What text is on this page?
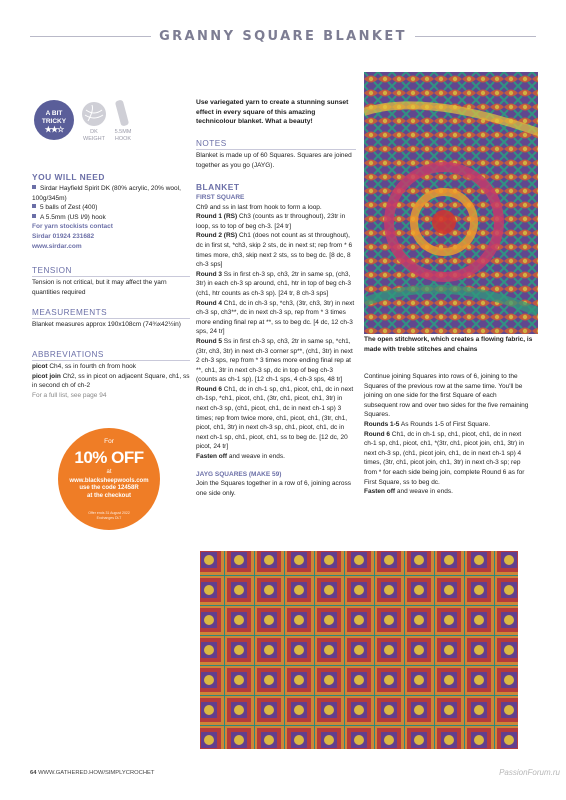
GRANNY SQUARE BLANKET
A BIT
TRICKY
★★☆	DK
WEIGHT
5.5MM
HOOK
YOU WILL NEED
Sirdar Hayfield Spirit DK (80% acrylic, 20% wool, 100g/345m)
5 balls of Zest (400)
A 5.5mm (US I/9) hook
For yarn stockists contact
Sirdar 01924 231682
www.sirdar.com
TENSION
Tension is not critical, but it may affect the yarn quantities required
MEASUREMENTS
Blanket measures approx 190x108cm (74¾x42½in)
ABBREVIATIONS
picot Ch4, ss in fourth ch from hook
picot join Ch2, ss in picot on adjacent Square, ch1, ss in second ch of ch-2
For a full list, see page 94
For
10% OFF
at
www.blacksheepwools.com
use the code 12458R
at the checkout
Offer ends 31 August 2022
Exchanges DLT
Use variegated yarn to create a stunning sunset effect in every square of this amazing technicolour blanket. What a beauty!
NOTES
Blanket is made up of 60 Squares. Squares are joined together as you go (JAYG).
BLANKET
FIRST SQUARE
Ch9 and ss in last from hook to form a loop.
Round 1 (RS) Ch3 (counts as tr throughout), 23tr in loop, ss to top of beg ch-3. [24 tr]
Round 2 (RS) Ch1 (does not count as st throughout), dc in first st, *ch3, skip 2 sts, dc in next st; rep from * 6 times more, ch3, skip next 2 sts, ss to beg dc. [8 dc, 8 ch-3 sps]
Round 3 Ss in first ch-3 sp, ch3, 2tr in same sp, (ch3, 3tr) in each ch-3 sp around, ch1, htr in top of beg ch-3 (ch1, htr counts as ch-3 sp). [24 tr, 8 ch-3 sps]
Round 4 Ch1, dc in ch-3 sp, *ch3, (3tr, ch3, 3tr) in next ch-3 sp, ch3**, dc in next ch-3 sp, rep from * 3 times more ending final rep at **, ss to beg dc. [4 dc, 12 ch-3 sps, 24 tr]
Round 5 Ss in first ch-3 sp, ch3, 2tr in same sp, *ch1, (3tr, ch3, 3tr) in next ch-3 corner sp**, (ch1, 3tr) in next 2 ch-3 sps, rep from * 3 times more ending final rep at **, ch1, 3tr in next ch-3 sp, dc in top of beg ch-3 (counts as ch-1 sp). [12 ch-1 sps, 4 ch-3 sps, 48 tr]
Round 6 Ch1, dc in ch-1 sp, ch1, picot, ch1, dc in next ch-1sp, *ch1, picot, ch1, (3tr, ch1, picot, ch1, 3tr) in next ch-3 sp, (ch1, picot, ch1, dc in next ch-1 sp) 3 times; rep from twice more, ch1, picot, ch1, (3tr, ch1, picot, ch1, 3tr) in next ch-3 sp, ch1, picot, ch1, dc in next ch-1 sp, ch1, picot, ch1, ss to beg dc. [12 dc, 20 picot, 24 tr]
Fasten off and weave in ends.
JAYG SQUARES (MAKE 59)
Join the Squares together in a row of 6, joining across one side only.
The open stitchwork, which creates a flowing fabric, is made with treble stitches and chains
Continue joining Squares into rows of 6, joining to the Squares of the previous row at the same time. You'll be joining on one side for the first Square of each subsequent row and over two sides for the five remaining Squares.
Rounds 1-5 As Rounds 1-5 of First Square.
Round 6 Ch1, dc in ch-1 sp, ch1, picot, ch1, dc in next ch-1 sp, ch1, picot, ch1, *(3tr, ch1, picot join, ch1, 3tr) in next ch-3 sp, (ch1, picot join, ch1, dc in next ch-1 sp) 4 times, (3tr, ch1, picot join, ch1, 3tr) in next ch-3 sp; rep from * for each side being join, complete Round 6 as for First Square, ss to beg dc.
Fasten off and weave in ends.
64 WWW.GATHERED.HOW/SIMPLYCROCHET	PassionForum.ru
